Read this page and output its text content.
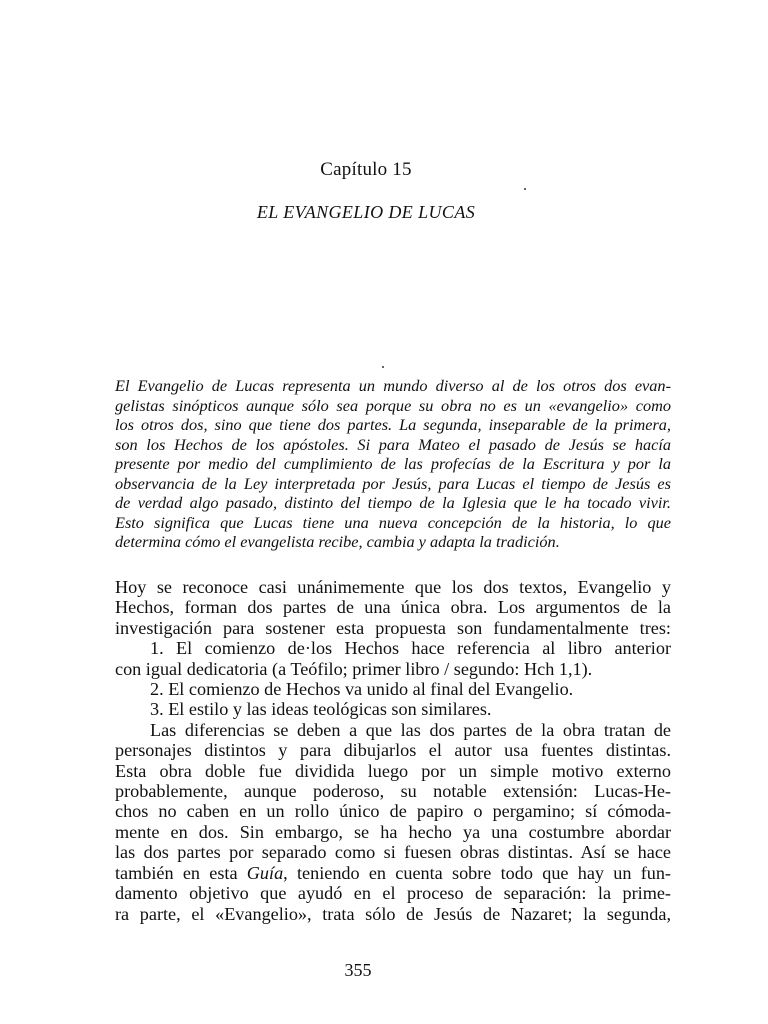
Capítulo 15
EL EVANGELIO DE LUCAS
El Evangelio de Lucas representa un mundo diverso al de los otros dos evan-
gelistas sinópticos aunque sólo sea porque su obra no es un «evangelio» como
los otros dos, sino que tiene dos partes. La segunda, inseparable de la primera,
son los Hechos de los apóstoles. Si para Mateo el pasado de Jesús se hacía
presente por medio del cumplimiento de las profecías de la Escritura y por la
observancia de la Ley interpretada por Jesús, para Lucas el tiempo de Jesús es
de verdad algo pasado, distinto del tiempo de la Iglesia que le ha tocado vivir.
Esto significa que Lucas tiene una nueva concepción de la historia, lo que
determina cómo el evangelista recibe, cambia y adapta la tradición.
Hoy se reconoce casi unánimemente que los dos textos, Evangelio y
Hechos, forman dos partes de una única obra. Los argumentos de la
investigación para sostener esta propuesta son fundamentalmente tres:
1. El comienzo de·los Hechos hace referencia al libro anterior
con igual dedicatoria (a Teófilo; primer libro / segundo: Hch 1,1).
2. El comienzo de Hechos va unido al final del Evangelio.
3. El estilo y las ideas teológicas son similares.
Las diferencias se deben a que las dos partes de la obra tratan de
personajes distintos y para dibujarlos el autor usa fuentes distintas.
Esta obra doble fue dividida luego por un simple motivo externo
probablemente, aunque poderoso, su notable extensión: Lucas-He-
chos no caben en un rollo único de papiro o pergamino; sí cómoda-
mente en dos. Sin embargo, se ha hecho ya una costumbre abordar
las dos partes por separado como si fuesen obras distintas. Así se hace
también en esta Guía, teniendo en cuenta sobre todo que hay un fun-
damento objetivo que ayudó en el proceso de separación: la prime-
ra parte, el «Evangelio», trata sólo de Jesús de Nazaret; la segunda,
355
